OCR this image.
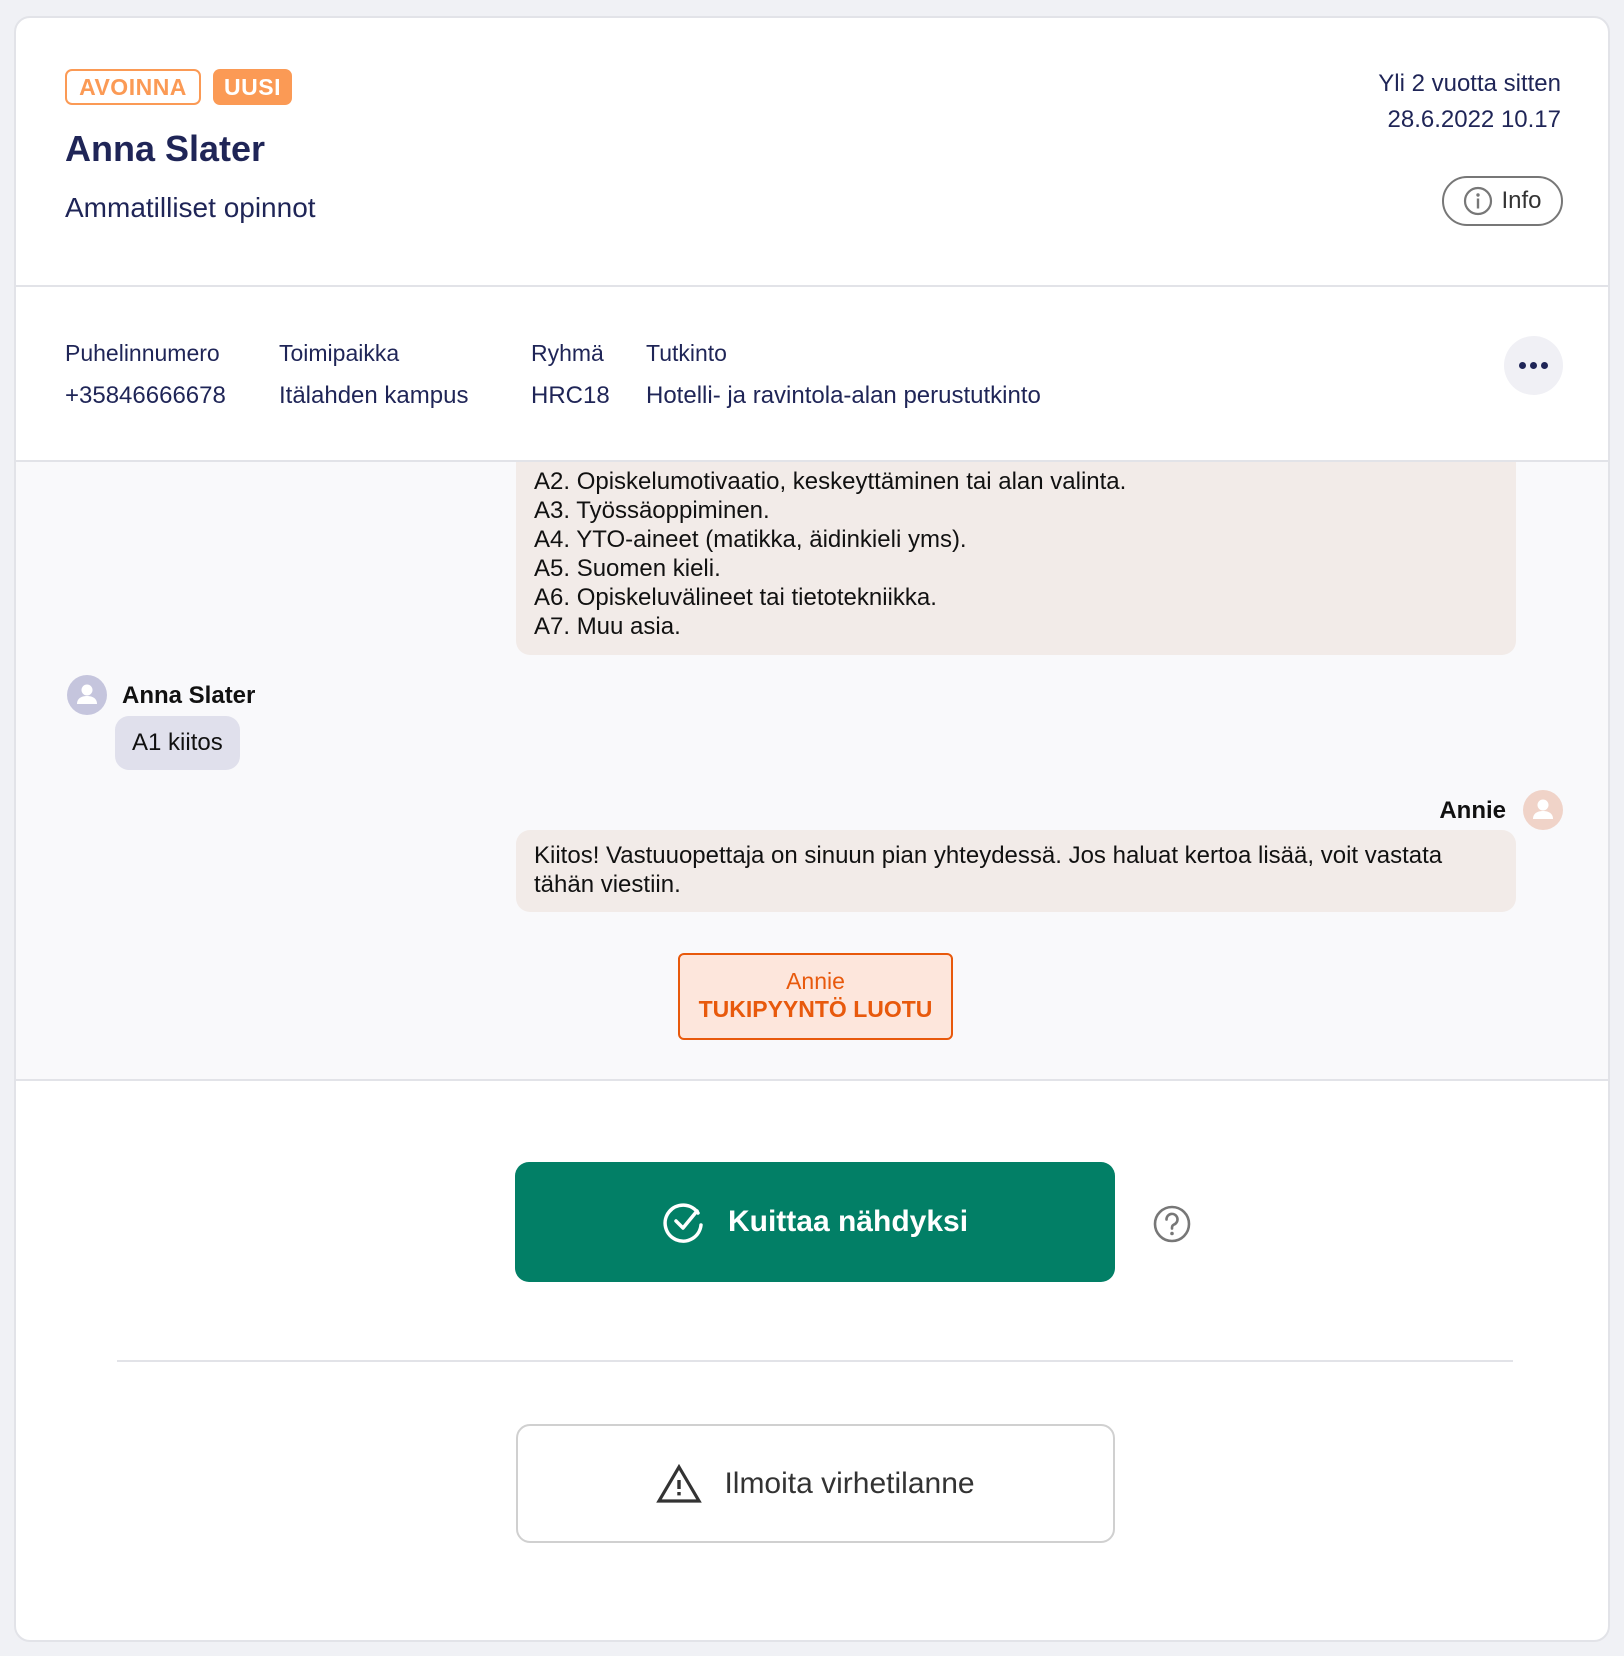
AVOINNA	UUSI
Anna Slater
Ammatilliset opinnot
Yli 2 vuotta sitten
28.6.2022 10.17
Info
Puhelinnumero
+35846666678
Toimipaikka
Itälahden kampus
Ryhmä
HRC18
Tutkinto
Hotelli- ja ravintola-alan perustutkinto
A2. Opiskelumotivaatio, keskeyttäminen tai alan valinta.
A3. Työssäoppiminen.
A4. YTO-aineet (matikka, äidinkieli yms).
A5. Suomen kieli.
A6. Opiskeluvälineet tai tietotekniikka.
A7. Muu asia.
Anna Slater
A1 kiitos
Annie
Kiitos! Vastuuopettaja on sinuun pian yhteydessä. Jos haluat kertoa lisää, voit vastata tähän viestiin.
Annie
TUKIPYYNTÖ LUOTU
Kuittaa nähdyksi
Ilmoita virhetilanne
